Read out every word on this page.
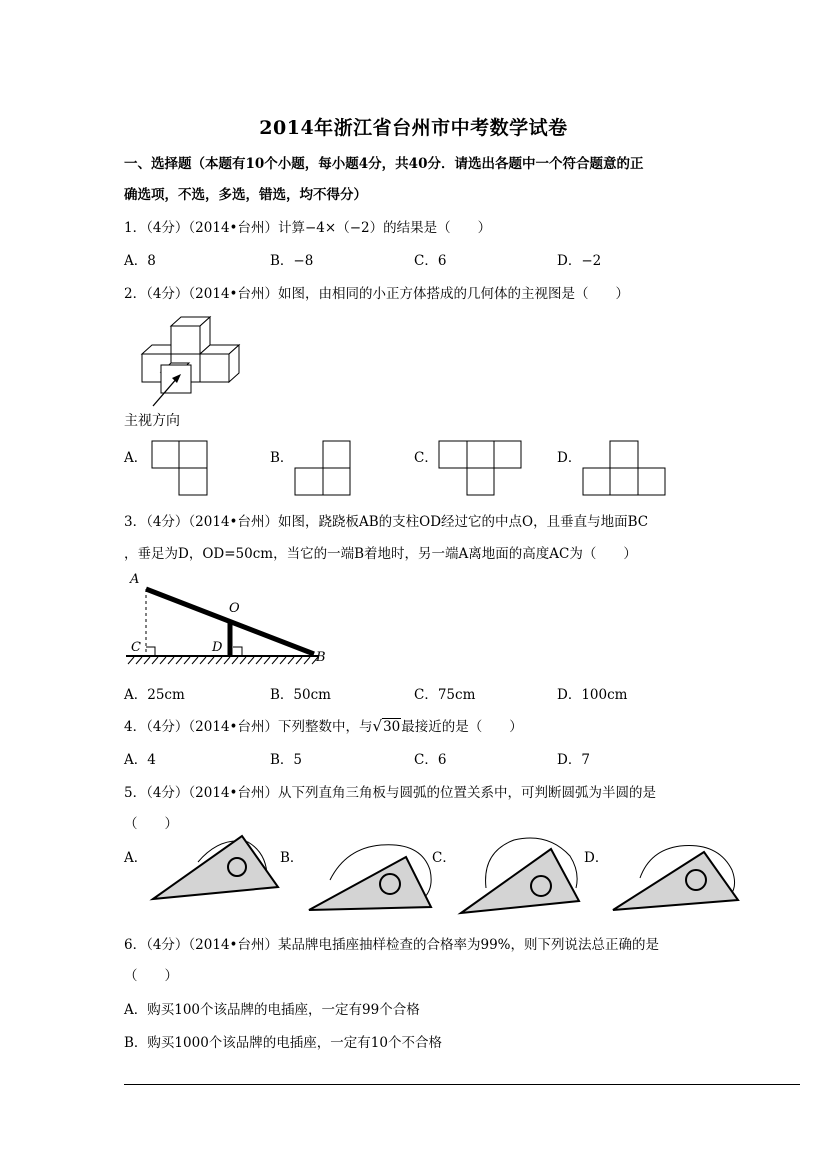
2014年浙江省台州市中考数学试卷
一、选择题（本题有10个小题，每小题4分，共40分．请选出各题中一个符合题意的正
确选项，不选，多选，错选，均不得分）
1．（4分）（2014•台州）计算−4×（−2）的结果是（　　）
A．8	B．−8	C．6	D．−2
2．（4分）（2014•台州）如图，由相同的小正方体搭成的几何体的主视图是（　　）
主视方向
A．	B．	C．	D．
3．（4分）（2014•台州）如图，跷跷板AB的支柱OD经过它的中点O，且垂直与地面BC
，垂足为D，OD=50cm，当它的一端B着地时，另一端A离地面的高度AC为（　　）
A
O
C	D
B
A．25cm	B．50cm	C．75cm	D．100cm
4．（4分）（2014•台州）下列整数中，与√30最接近的是（　　）
A．4	B．5	C．6	D．7
5．（4分）（2014•台州）从下列直角三角板与圆弧的位置关系中，可判断圆弧为半圆的是
（　　）
A．	B．	C．	D．
6．（4分）（2014•台州）某品牌电插座抽样检查的合格率为99%，则下列说法总正确的是
（　　）
A．购买100个该品牌的电插座，一定有99个合格
B．购买1000个该品牌的电插座，一定有10个不合格
